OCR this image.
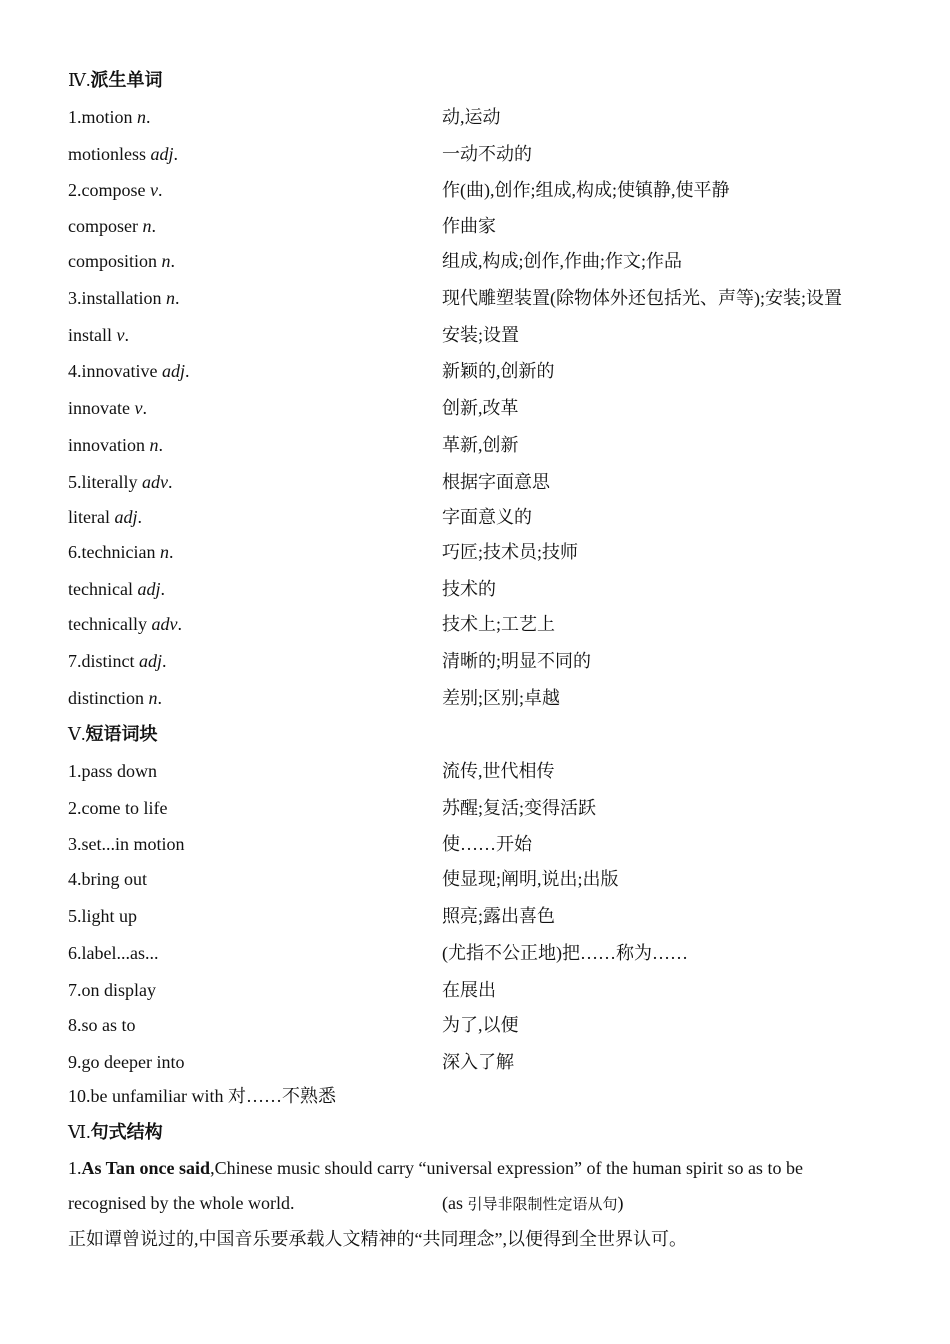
Ⅳ.派生单词
1.motion n.	动,运动
motionless adj.	一动不动的
2.compose v.	作(曲),创作;组成,构成;使镇静,使平静
composer n.	作曲家
composition n.	组成,构成;创作,作曲;作文;作品
3.installation n.	现代雕塑装置(除物体外还包括光、声等);安装;设置
install v.	安装;设置
4.innovative adj.	新颖的,创新的
innovate v.	创新,改革
innovation n.	革新,创新
5.literally adv.	根据字面意思
literal adj.	字面意义的
6.technician n.	巧匠;技术员;技师
technical adj.	技术的
technically adv.	技术上;工艺上
7.distinct adj.	清晰的;明显不同的
distinction n.	差别;区别;卓越
Ⅴ.短语词块
1.pass down	流传,世代相传
2.come to life	苏醒;复活;变得活跃
3.set...in motion	使……开始
4.bring out	使显现;阐明,说出;出版
5.light up	照亮;露出喜色
6.label...as...	(尤指不公正地)把……称为……
7.on display	在展出
8.so as to	为了,以便
9.go deeper into	深入了解
10.be unfamiliar with 对……不熟悉
Ⅵ.句式结构
1.As Tan once said,Chinese music should carry “universal expression” of the human spirit so as to be
recognised by the whole world.	(as 引导非限制性定语从句)
正如谭曾说过的,中国音乐要承载人文精神的“共同理念”,以便得到全世界认可。
